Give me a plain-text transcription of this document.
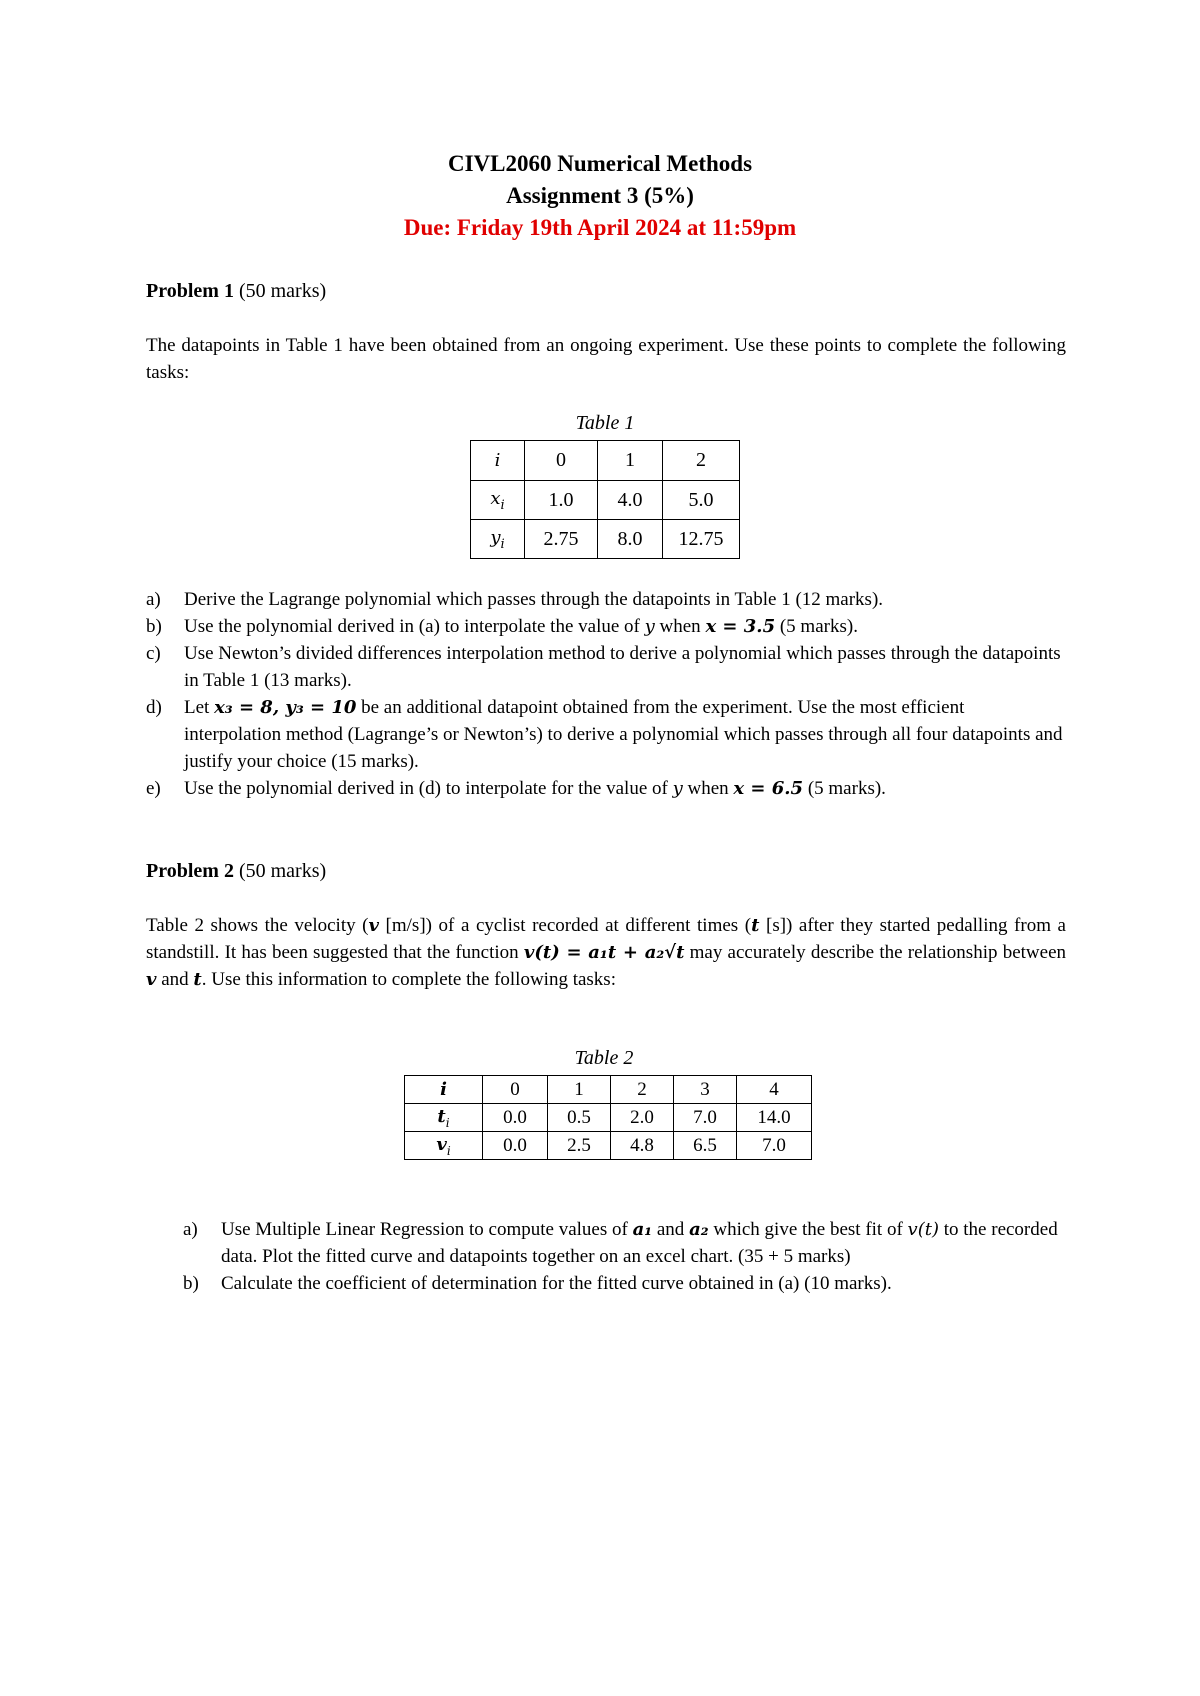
CIVL2060 Numerical Methods
Assignment 3 (5%)
Due: Friday 19th April 2024 at 11:59pm
Problem 1 (50 marks)
The datapoints in Table 1 have been obtained from an ongoing experiment. Use these points to complete the following tasks:
Table 1
i	0	1	2
$x_i$	1.0	4.0	5.0
$y_i$	2.75	8.0	12.75
a) Derive the Lagrange polynomial which passes through the datapoints in Table 1 (12 marks).
b) Use the polynomial derived in (a) to interpolate the value of y when x = 3.5 (5 marks).
c) Use Newton’s divided differences interpolation method to derive a polynomial which passes through the datapoints in Table 1 (13 marks).
d) Let x₃ = 8, y₃ = 10 be an additional datapoint obtained from the experiment. Use the most efficient interpolation method (Lagrange’s or Newton’s) to derive a polynomial which passes through all four datapoints and justify your choice (15 marks).
e) Use the polynomial derived in (d) to interpolate for the value of y when x = 6.5 (5 marks).
Problem 2 (50 marks)
Table 2 shows the velocity (v [m/s]) of a cyclist recorded at different times (t [s]) after they started pedalling from a standstill. It has been suggested that the function v(t) = a₁t + a₂√t may accurately describe the relationship between v and t. Use this information to complete the following tasks:
Table 2
i	0	1	2	3	4
$t_i$	0.0	0.5	2.0	7.0	14.0
$v_i$	0.0	2.5	4.8	6.5	7.0
a) Use Multiple Linear Regression to compute values of a₁ and a₂ which give the best fit of v(t) to the recorded data. Plot the fitted curve and datapoints together on an excel chart. (35 + 5 marks)
b) Calculate the coefficient of determination for the fitted curve obtained in (a) (10 marks).
